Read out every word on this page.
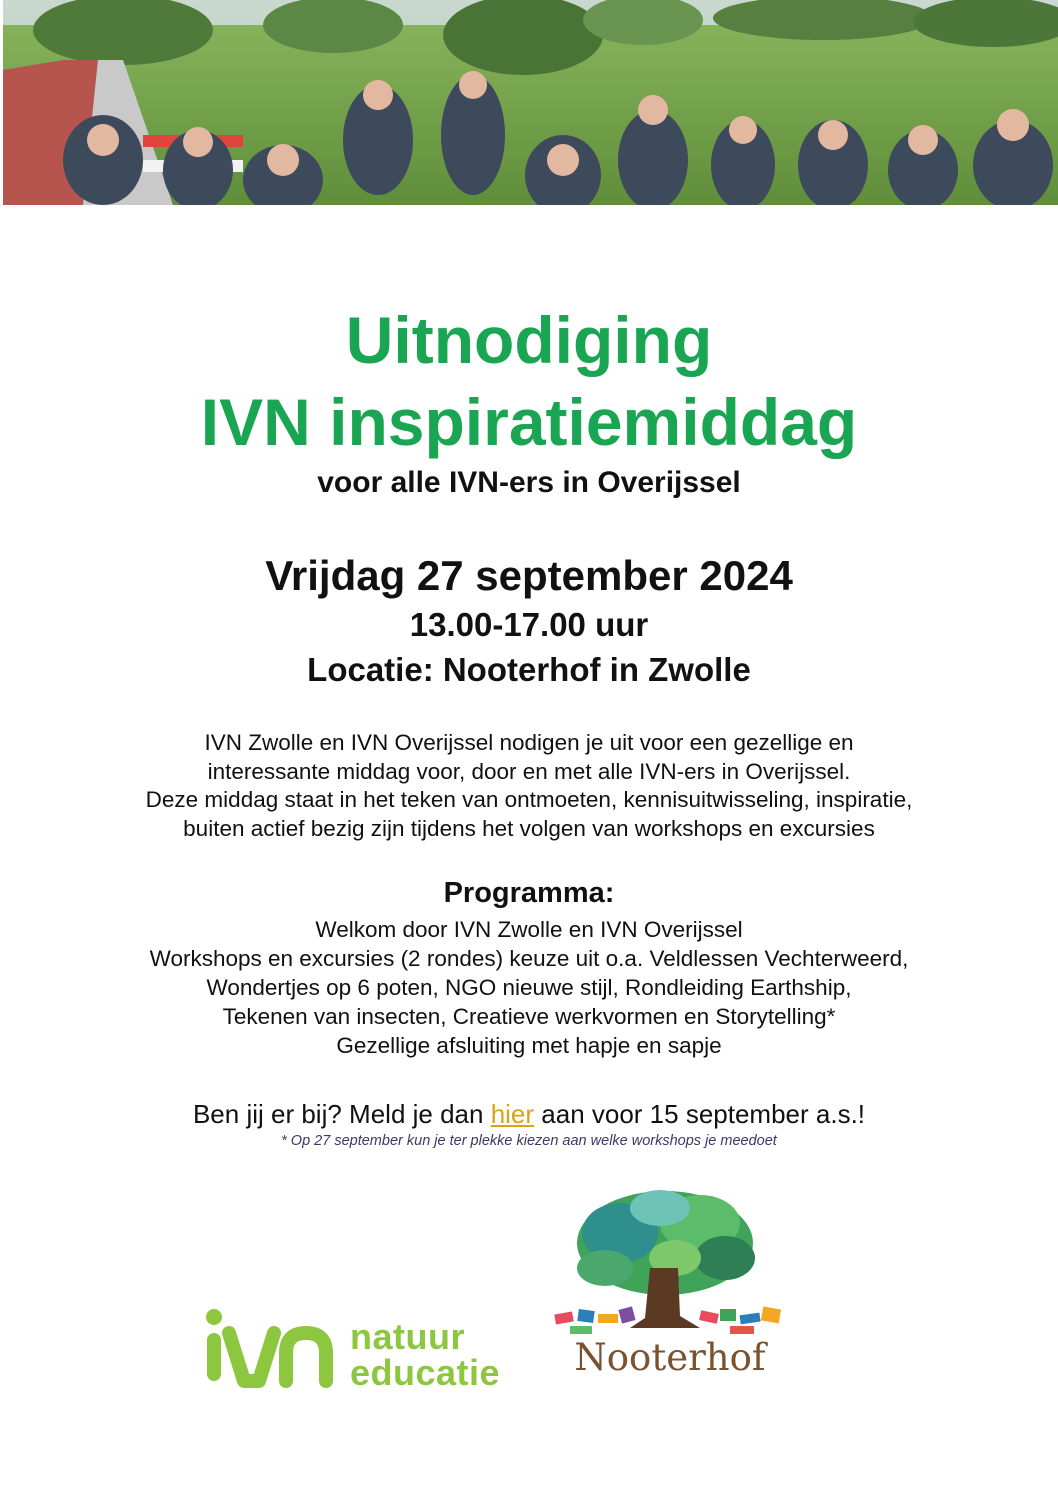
Uitnodiging
IVN inspiratiemiddag
voor alle IVN-ers in Overijssel
Vrijdag 27 september 2024
13.00-17.00 uur
Locatie: Nooterhof in Zwolle
IVN Zwolle en IVN Overijssel nodigen je uit voor een gezellige en
interessante middag voor, door en met alle IVN-ers in Overijssel.
Deze middag staat in het teken van ontmoeten, kennisuitwisseling, inspiratie,
buiten actief bezig zijn tijdens het volgen van workshops en excursies
Programma:
Welkom door IVN Zwolle en IVN Overijssel
Workshops en excursies (2 rondes) keuze uit o.a. Veldlessen Vechterweerd,
Wondertjes op 6 poten, NGO nieuwe stijl, Rondleiding Earthship,
Tekenen van insecten, Creatieve werkvormen en Storytelling*
Gezellige afsluiting met hapje en sapje
Ben jij er bij? Meld je dan hier aan voor 15 september a.s.!
* Op 27 september kun je ter plekke kiezen aan welke workshops je meedoet
natuur
educatie	Nooterhof
